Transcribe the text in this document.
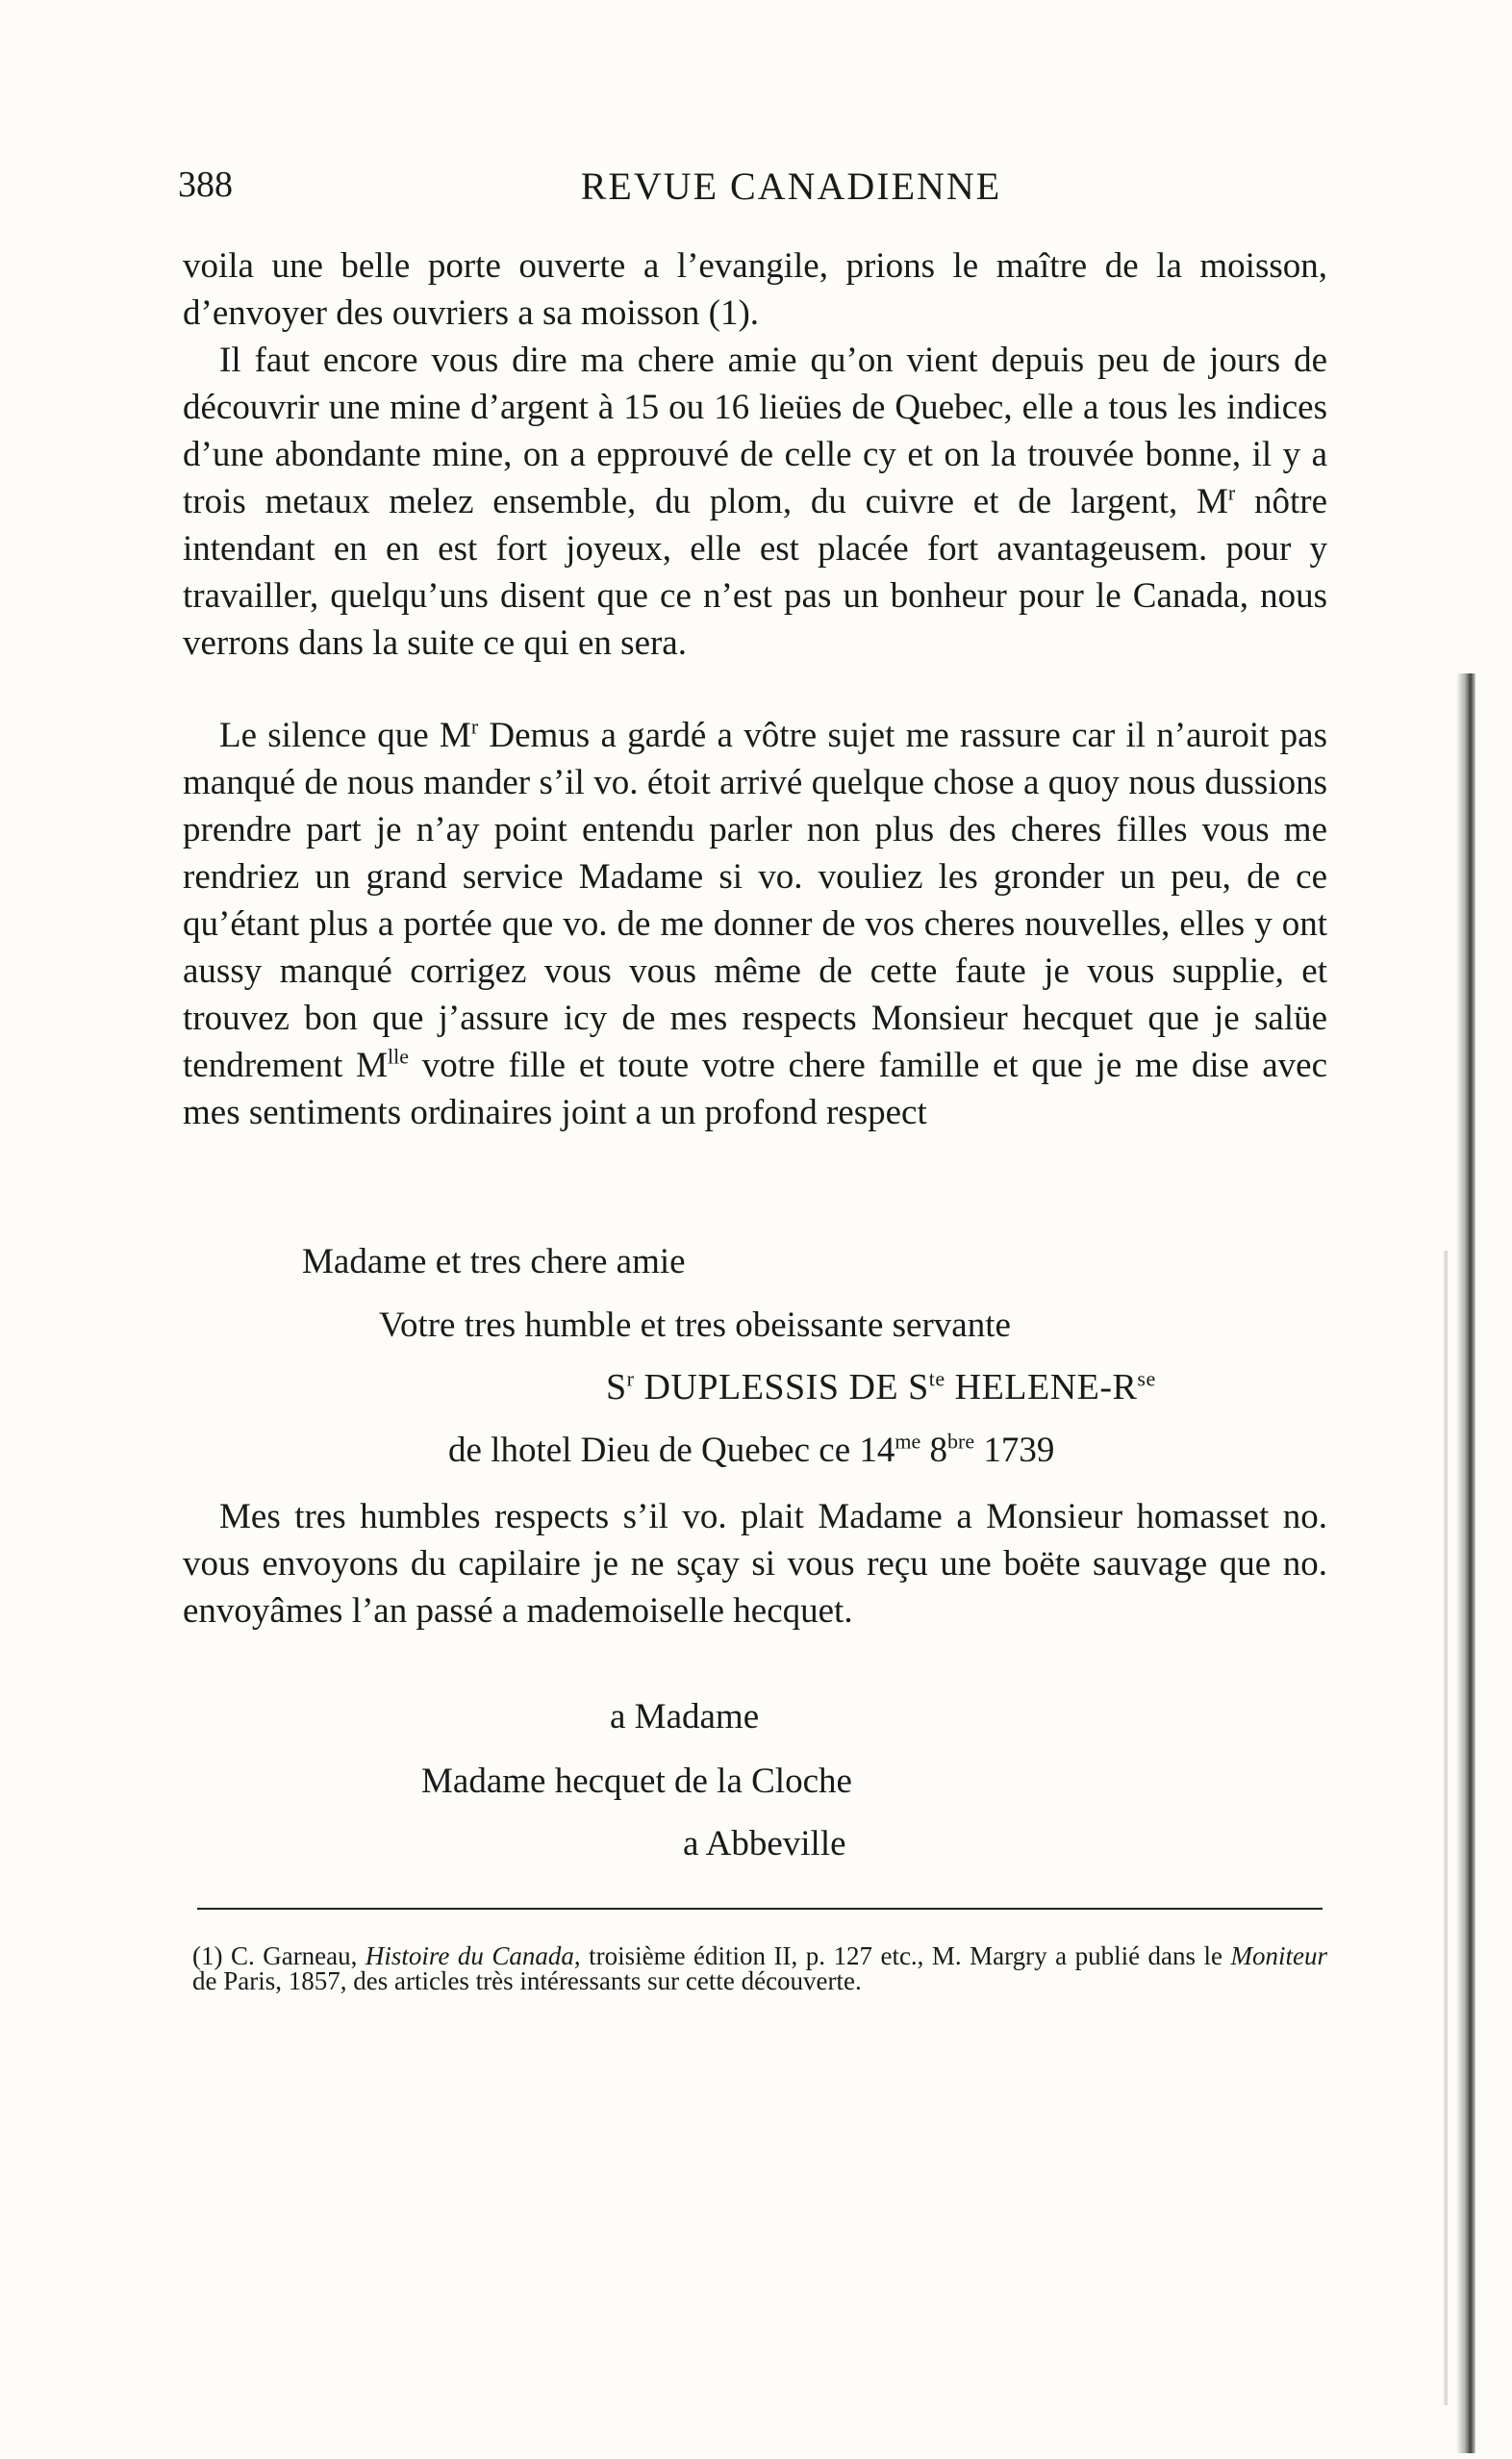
388	REVUE CANADIENNE

voila une belle porte ouverte a l’evangile, prions le maître de la moisson, d’envoyer des ouvriers a sa moisson (1).

Il faut encore vous dire ma chere amie qu’on vient depuis peu de jours de découvrir une mine d’argent à 15 ou 16 lieües de Quebec, elle a tous les indices d’une abondante mine, on a epprouvé de celle cy et on la trouvée bonne, il y a trois metaux melez ensemble, du plom, du cuivre et de largent, $M^r$ nôtre intendant en en est fort joyeux, elle est placée fort avantageusem. pour y travailler, quelqu’uns disent que ce n’est pas un bonheur pour le Canada, nous verrons dans la suite ce qui en sera.

Le silence que $M^r$ Demus a gardé a vôtre sujet me rassure car il n’auroit pas manqué de nous mander s’il vo. étoit arrivé quelque chose a quoy nous dussions prendre part je n’ay point entendu parler non plus des cheres filles vous me rendriez un grand service Madame si vo. vouliez les gronder un peu, de ce qu’étant plus a portée que vo. de me donner de vos cheres nouvelles, elles y ont aussy manqué corrigez vous vous même de cette faute je vous supplie, et trouvez bon que j’assure icy de mes respects Monsieur hecquet que je salüe tendrement $M^{lle}$ votre fille et toute votre chere famille et que je me dise avec mes sentiments ordinaires joint a un profond respect

Madame et tres chere amie
Votre tres humble et tres obeissante servante
$S^r$ DUPLESSIS DE $S^{te}$ HELENE-$R^{se}$
de lhotel Dieu de Quebec ce $14^{me}$ $8^{bre}$ 1739

Mes tres humbles respects s’il vo. plait Madame a Monsieur homasset no. vous envoyons du capilaire je ne sçay si vous reçu une boëte sauvage que no. envoyâmes l’an passé a mademoiselle hecquet.

a Madame
Madame hecquet de la Cloche
a Abbeville

(1) C. Garneau, Histoire du Canada, troisième édition II, p. 127 etc., M. Margry a publié dans le Moniteur de Paris, 1857, des articles très intéressants sur cette découverte.
